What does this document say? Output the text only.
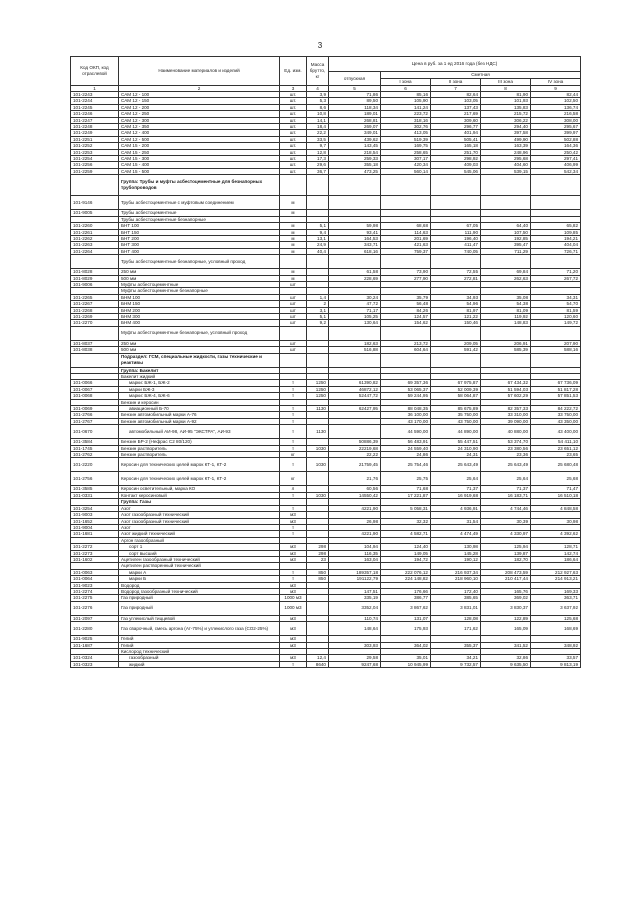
3
Код ОКП, код отраслевой	Наименование материалов и изделий	Ед. изм.	Масса брутто, кг	Цена в руб. за 1 ед 2016 года (без НДС)				
				отпускная	Сметная			
					I зона	II зона	III зона	IV зона
1	2	3	4	5	6	7	8	9
101-2243	САМ 12 - 100	шт.	3,9	71,86	85,16	82,64	81,90	82,44
101-2244	САМ 12 - 150	шт.	5,3	89,50	105,90	103,05	101,93	102,50
101-2245	САМ 12 - 200	шт.	8,6	118,34	141,24	137,43	135,83	136,74
101-2246	САМ 12 - 250	шт.	10,8	189,01	223,72	217,69	215,72	216,58
101-2247	САМ 12 - 300	шт.	14,1	268,81	318,16	309,60	306,22	308,00
101-2248	САМ 12 - 350	шт.	18,4	269,07	302,76	296,77	294,40	295,67
101-2249	САМ 12 - 400	шт.	22,2	349,01	413,05	401,94	397,58	399,97
101-2251	САМ 12 - 500	шт.	33,5	439,62	519,39	505,41	499,90	502,88
101-2252	САМ 15 - 200	шт.	9,7	143,45	169,75	165,18	163,39	164,36
101-2253	САМ 15 - 250	шт.	12,8	218,54	258,65	251,70	248,96	250,42
101-2254	САМ 15 - 300	шт.	17,3	259,33	307,17	298,92	295,68	297,41
101-2256	САМ 15 - 400	шт.	29,6	355,18	420,34	409,03	404,60	406,99
101-2259	САМ 15 - 500	шт.	36,7	473,25	560,14	545,06	539,15	542,34
	Группа: Трубы и муфты асбестоцементные для безнапорных трубопроводов							
101-9146	Трубы асбестоцементные с муфтовым соединением	м						
101-9005	Трубы асбестоцементные	м						
	Трубы асбестоцементные безнапорные							
101-2260	БНТ 100	м	5,1	59,98	68,68	67,05	64,40	65,82
101-2261	БНТ 150	м	9,4	93,41	114,63	111,90	107,50	109,85
101-2262	БНТ 200	м	13,1	164,53	201,69	196,40	192,85	194,21
101-2263	БНТ 300	м	24,9	343,71	421,63	411,47	395,47	404,04
101-2264	БНТ 400	м	40,4	618,16	759,37	740,05	711,29	726,71
	Трубы асбестоцементные безнапорные, условный проход							
101-8028	250 мм	м		61,58	73,90	72,55	69,84	71,20
101-8029	500 мм	м		228,69	277,90	272,81	262,63	267,72
101-9006	Муфты асбестоцементные	шт						
	Муфты асбестоцементные безнапорные							
101-2265	БНМ 100	шт	1,4	30,24	35,79	34,93	35,08	34,31
101-2267	БНМ 150	шт	2	47,72	56,48	54,96	54,38	54,70
101-2268	БНМ 200	шт	3,1	71,17	84,26	81,97	81,09	81,59
101-2269	БНМ 300	шт	5,1	105,25	124,57	121,22	119,92	120,60
101-2270	БНМ 400	шт	9,2	130,64	154,62	150,46	148,83	149,72
	Муфты асбестоцементные безнапорные, условный проход							
101-8037	250 мм	шт		182,63	213,72	209,05	206,91	207,90
101-8038	500 мм	шт		516,88	604,64	591,42	585,39	588,16
	Подраздел: ГСМ, специальные жидкости, газы технические и реактивы							
	Группа: Бакелит							
	Бакелит жидкий							
101-0066	марки: БЖ-1, БЖ-2	т	1250	61390,82	69 357,36	67 975,87	67 434,32	67 736,09
101-0067	марки БЖ-3	т	1250	46872,12	53 065,37	52 009,39	51 594,03	51 817,28
101-0068	марки: БЖ-4, БЖ-6	т	1250	52447,72	59 244,95	58 064,87	57 602,29	57 851,53
	Бензин и керосин							
101-0069	авиационный Б-70	т	1130	62427,95	88 048,35	85 675,89	82 357,33	84 222,72
101-2766	Бензин автомобильный марки А-76	т			36 100,00	35 750,00	33 310,00	33 750,00
101-2767	Бензин автомобильный марки А-92	т			43 170,00	43 750,00	39 090,00	43 350,00
101-0670	автомобильный АИ-98, АИ-95 "ЭКСТРА", АИ-93	т	1130		44 590,00	44 890,00	40 880,00	43 400,00
101-3584	Бензин БР-2 (Нефрас С2 80/120)	т		50886,39	56 483,91	55 447,51	53 374,70	54 411,10
101-1745	Бензин растворитель	т	1030	22219,68	24 559,40	24 310,90	23 380,56	23 651,12
101-2762	Бензин растворитель	кг		22,22	24,86	24,31	23,36	23,65
101-2220	Керосин для технических целей марок КТ-1, КТ-2	т	1030	21759,45	25 754,46	25 643,49	25 643,49	25 680,48
101-2756	Керосин для технических целей марок КТ-1, КТ-2	кг		21,76	25,75	25,64	25,64	25,68
101-3585	Керосин осветительный, марка КО	л		60,56	71,68	71,37	71,37	71,47
101-0331	Контакт керосиновый	т	1030	14550,42	17 221,87	16 919,68	16 183,71	16 510,18
	Группа: Газы							
101-3254	Азот	т		4221,90	5 058,31	4 936,91	4 744,46	4 848,58
101-9003	Азот газообразный технический	м3						
101-1652	Азот газообразный технический	м3		26,98	32,32	31,54	30,39	30,98
101-9004	Азот	т						
101-1681	Азот жидкий технический	т		4221,90	4 582,71	4 474,49	4 330,97	4 392,62
	Аргон газообразный							
101-2272	сорт 1	м3	298	104,94	124,40	130,98	125,94	128,71
101-2273	сорт высший	м3	298	116,35	149,05	145,28	139,87	142,74
101-1602	Ацетилен газообразный технический	м3	23	163,04	194,72	190,12	182,70	186,64
	Ацетилен растворенный технический							
101-0063	марки А	т	850	189357,18	222 076,12	216 937,34	208 473,59	212 927,63
101-0064	марки Б	т	850	191122,79	224 148,82	218 960,10	210 417,44	214 913,21
101-9023	Водород	м3						
101-2274	Водород газообразный технический	м3		147,51	176,66	172,40	165,76	169,33
101-2275	Газ природный	1000 м3		335,19	386,77	385,65	369,02	363,71
101-2276	Газ природный	1000 м3		3352,04	3 867,62	3 831,01	3 830,37	3 637,92
101-2097	Газ углекислый тиццевой	м3		110,74	131,07	128,08	122,89	125,68
101-2280	Газ сварочный, смесь аргона (Ат-75%) и углекислого газа (СО2-25%)	м3		148,64	175,93	171,62	165,09	168,69
101-9025	Гелий	м3						
101-1687	Гелий	м3		303,93	364,02	355,37	341,52	348,92
	Кислород технический							
101-0324	газообразный	м3	12,4	29,58	35,01	34,21	32,86	33,57
101-0323	жидкий	т	8640	9247,68	10 945,99	9 732,57	9 635,50	9 813,19
